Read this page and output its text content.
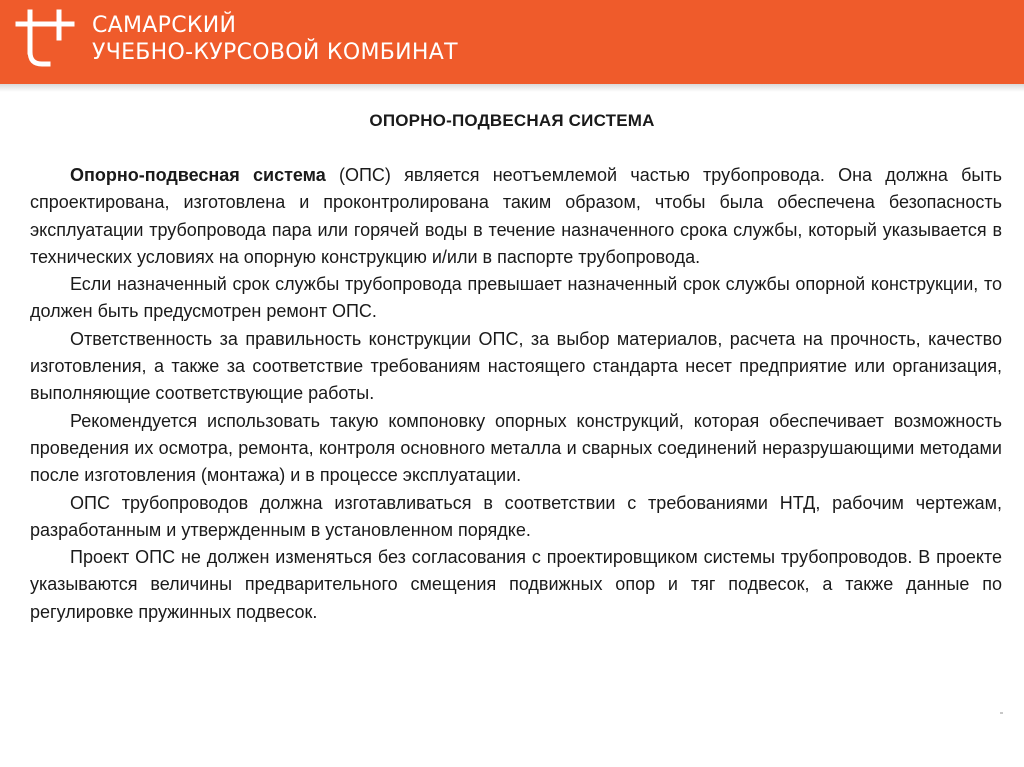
САМАРСКИЙ
УЧЕБНО-КУРСОВОЙ КОМБИНАТ
ОПОРНО-ПОДВЕСНАЯ СИСТЕМА

Опорно-подвесная система (ОПС) является неотъемлемой частью трубопровода. Она должна быть спроектирована, изготовлена и проконтролирована таким образом, чтобы была обеспечена безопасность эксплуатации трубопровода пара или горячей воды в течение назначенного срока службы, который указывается в технических условиях на опорную конструкцию и/или в паспорте трубопровода.

Если назначенный срок службы трубопровода превышает назначенный срок службы опорной конструкции, то должен быть предусмотрен ремонт ОПС.

Ответственность за правильность конструкции ОПС, за выбор материалов, расчета на прочность, качество изготовления, а также за соответствие требованиям настоящего стандарта несет предприятие или организация, выполняющие соответствующие работы.

Рекомендуется использовать такую компоновку опорных конструкций, которая обеспечивает возможность проведения их осмотра, ремонта, контроля основного металла и сварных соединений неразрушающими методами после изготовления (монтажа) и в процессе эксплуатации.

ОПС трубопроводов должна изготавливаться в соответствии с требованиями НТД, рабочим чертежам, разработанным и утвержденным в установленном порядке.

Проект ОПС не должен изменяться без согласования с проектировщиком системы трубопроводов. В проекте указываются величины предварительного смещения подвижных опор и тяг подвесок, а также данные по регулировке пружинных подвесок.
